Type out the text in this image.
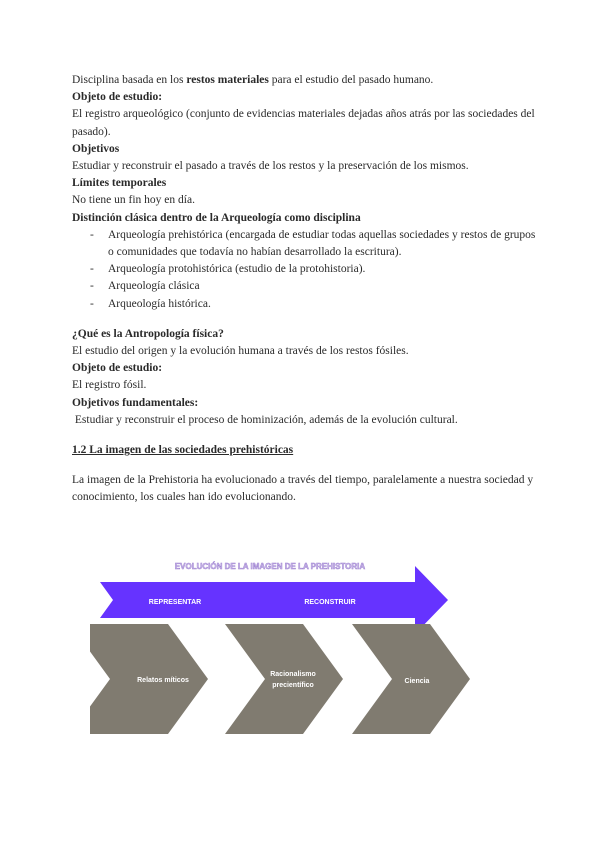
Disciplina basada en los restos materiales para el estudio del pasado humano.

Objeto de estudio:

El registro arqueológico (conjunto de evidencias materiales dejadas años atrás por las sociedades del pasado).

Objetivos

Estudiar y reconstruir el pasado a través de los restos y la preservación de los mismos.

Límites temporales

No tiene un fin hoy en día.

Distinción clásica dentro de la Arqueología como disciplina

- Arqueología prehistórica (encargada de estudiar todas aquellas sociedades y restos de grupos o comunidades que todavía no habían desarrollado la escritura).
- Arqueología protohistórica (estudio de la protohistoria).
- Arqueología clásica
- Arqueología histórica.

¿Qué es la Antropología física?

El estudio del origen y la evolución humana a través de los restos fósiles.

Objeto de estudio:

El registro fósil.

Objetivos fundamentales:

Estudiar y reconstruir el proceso de hominización, además de la evolución cultural.

1.2 La imagen de las sociedades prehistóricas

La imagen de la Prehistoria ha evolucionado a través del tiempo, paralelamente a nuestra sociedad y conocimiento, los cuales han ido evolucionando.

EVOLUCIÓN DE LA IMAGEN DE LA PREHISTORIA
REPRESENTAR	RECONSTRUIR
Relatos míticos
Racionalismo
precientífico
Ciencia
